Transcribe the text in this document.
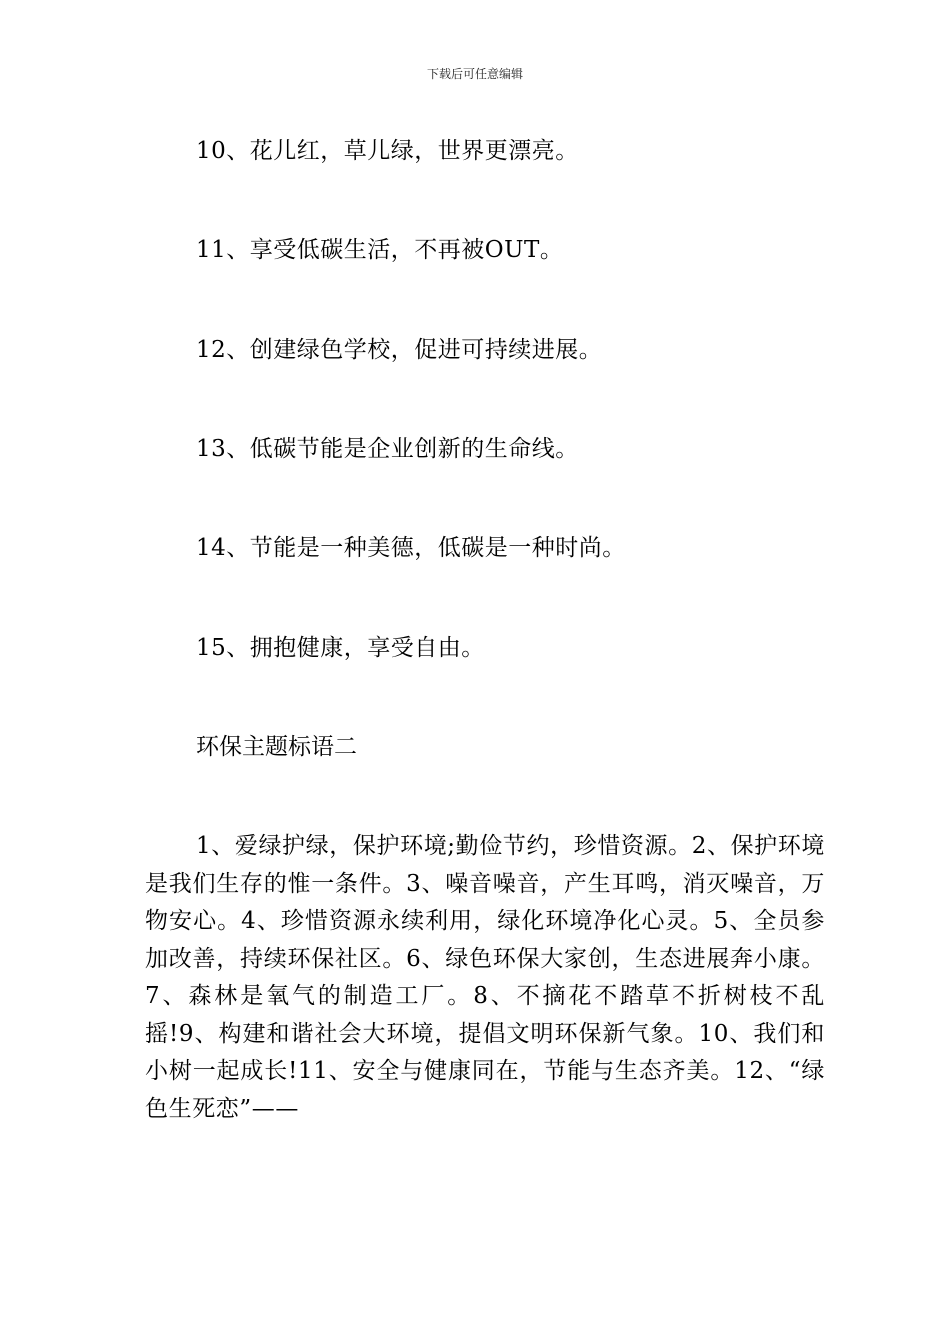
下载后可任意编辑
10、花儿红，草儿绿，世界更漂亮。
11、享受低碳生活，不再被OUT。
12、创建绿色学校，促进可持续进展。
13、低碳节能是企业创新的生命线。
14、节能是一种美德，低碳是一种时尚。
15、拥抱健康，享受自由。
环保主题标语二
1、爱绿护绿，保护环境;勤俭节约，珍惜资源。2、保护环境是我们生存的惟一条件。3、噪音噪音，产生耳鸣，消灭噪音，万物安心。4、珍惜资源永续利用，绿化环境净化心灵。5、全员参加改善，持续环保社区。6、绿色环保大家创，生态进展奔小康。7、森林是氧气的制造工厂。8、不摘花不踏草不折树枝不乱摇!9、构建和谐社会大环境，提倡文明环保新气象。10、我们和小树一起成长!11、安全与健康同在，节能与生态齐美。12、“绿色生死恋”——
